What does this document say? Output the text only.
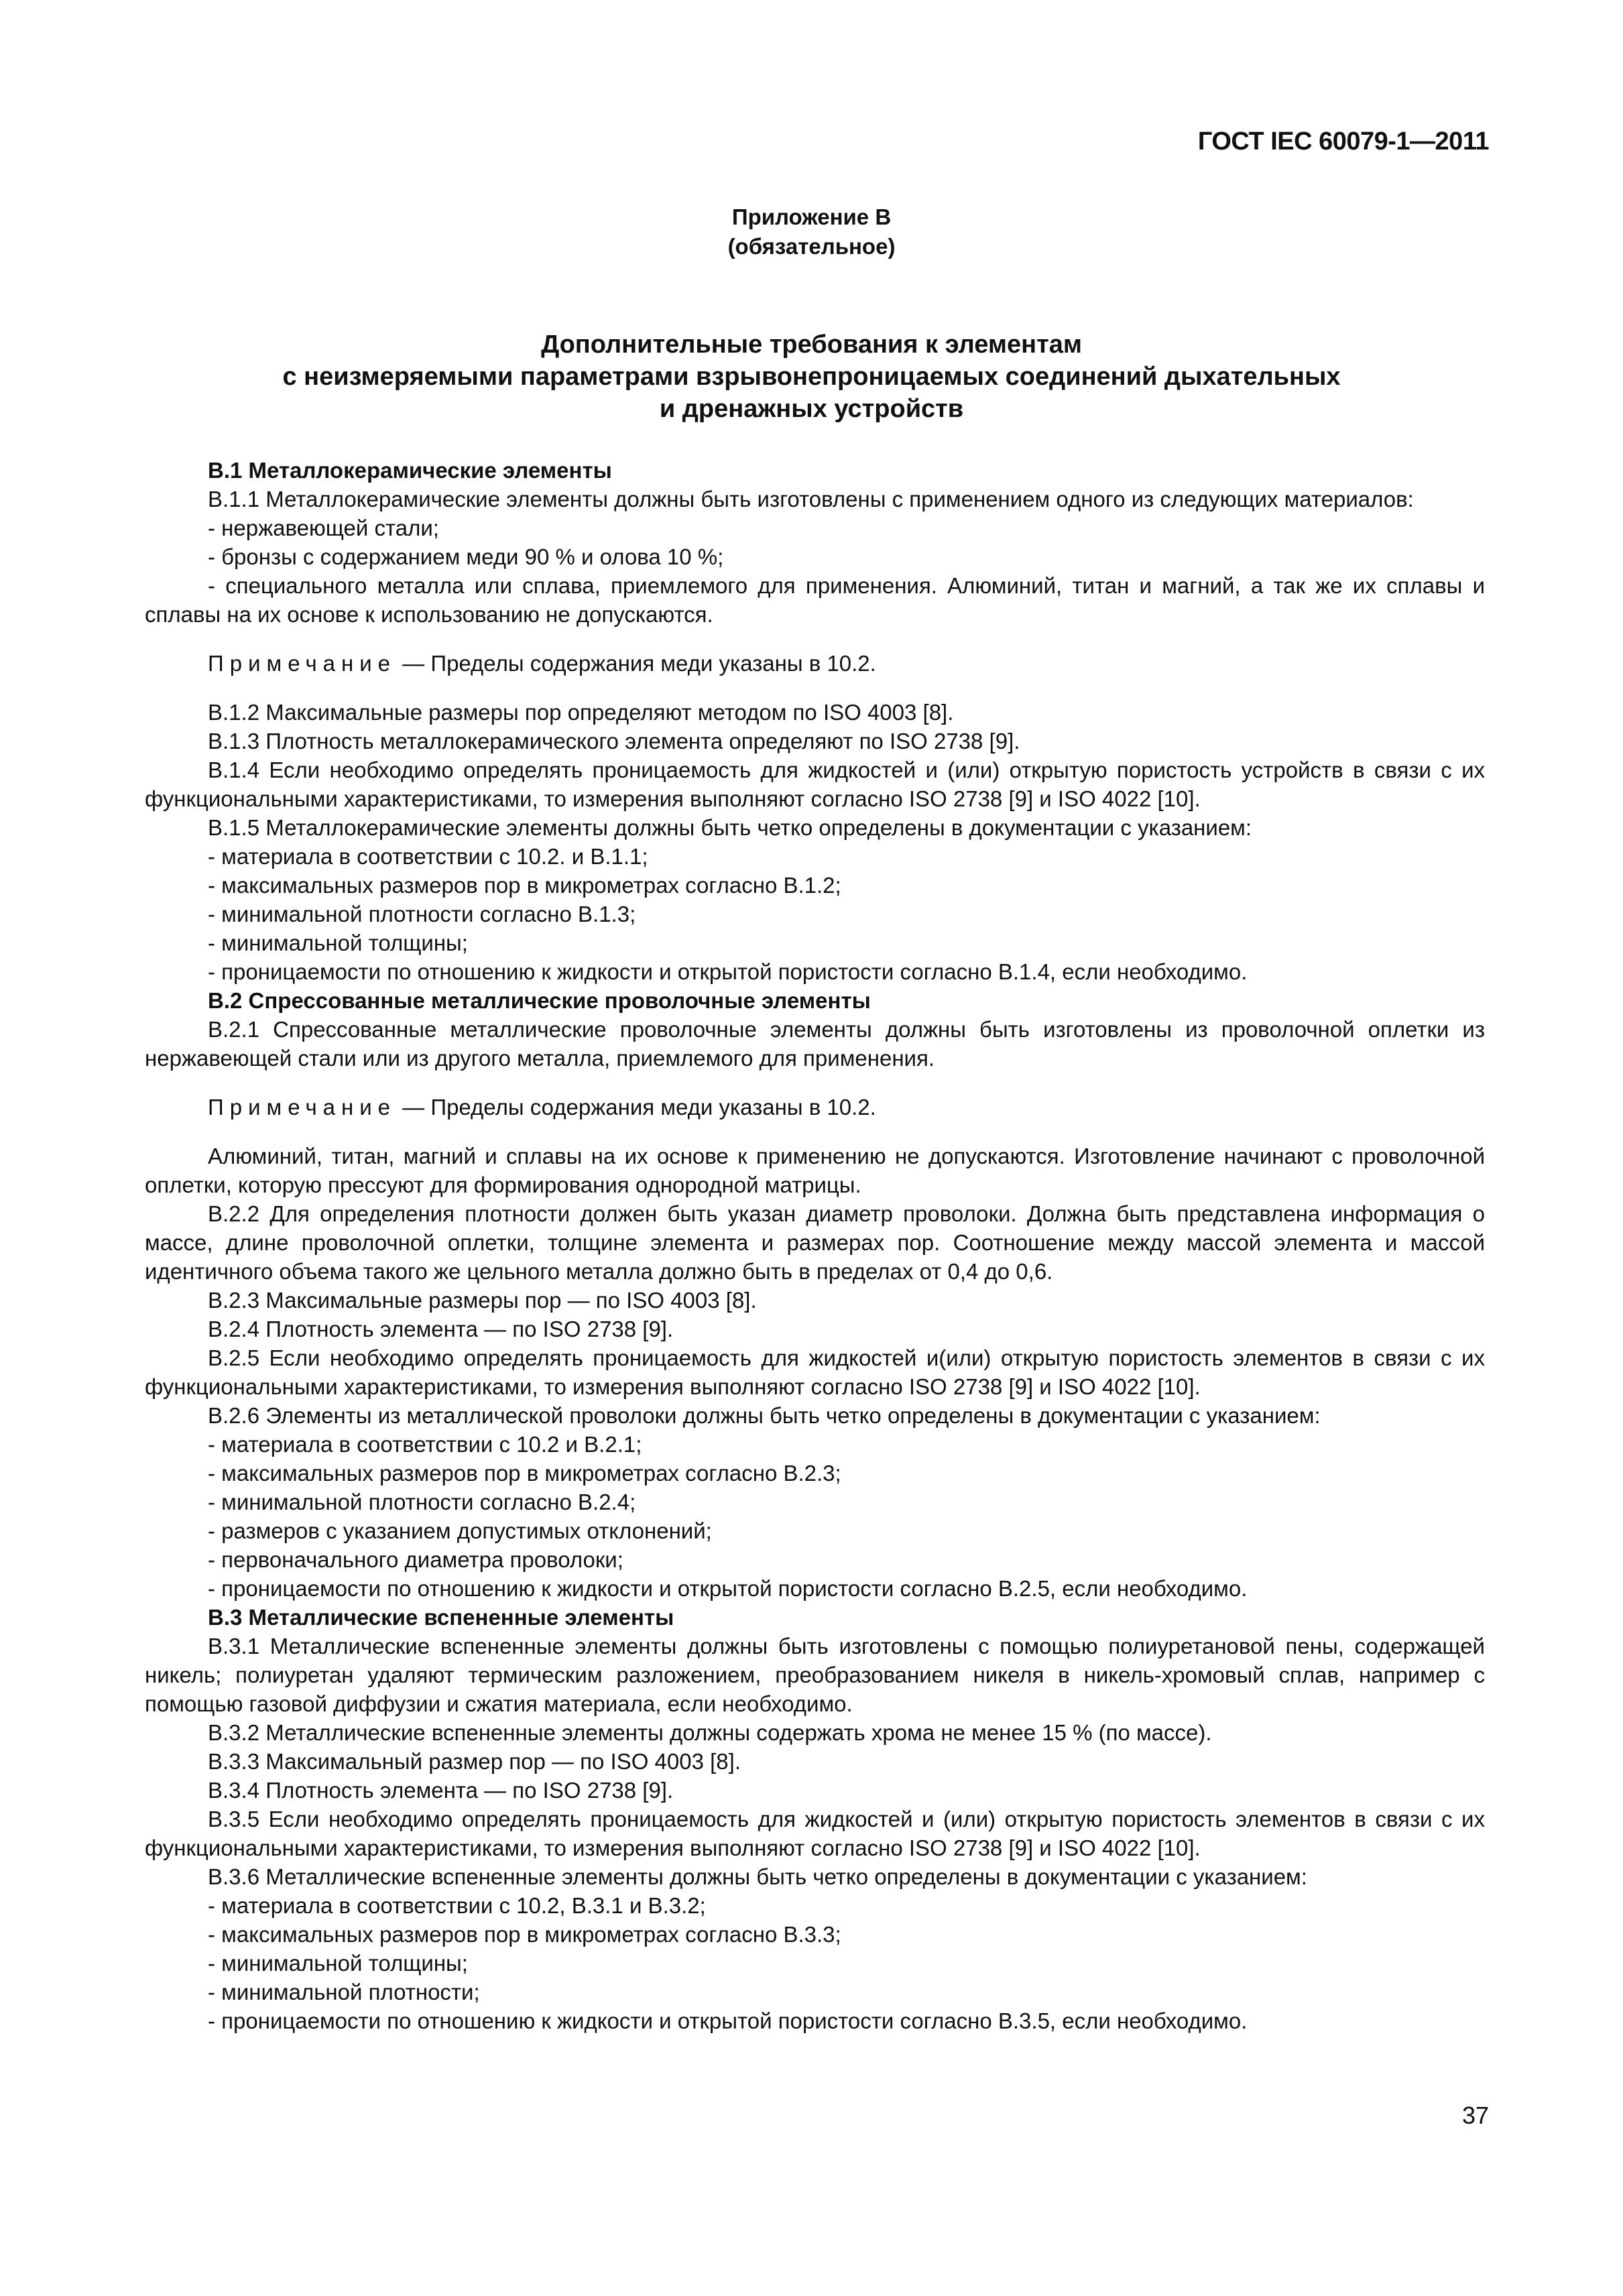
ГОСТ IEC 60079-1—2011
Приложение В
(обязательное)
Дополнительные требования к элементам
с неизмеряемыми параметрами взрывонепроницаемых соединений дыхательных
и дренажных устройств

В.1 Металлокерамические элементы

В.1.1 Металлокерамические элементы должны быть изготовлены с применением одного из следующих материалов:

- нержавеющей стали;

- бронзы с содержанием меди 90 % и олова 10 %;

- специального металла или сплава, приемлемого для применения. Алюминий, титан и магний, а так же их сплавы и сплавы на их основе к использованию не допускаются.

Примечание — Пределы содержания меди указаны в 10.2.

В.1.2 Максимальные размеры пор определяют методом по ISO 4003 [8].

В.1.3 Плотность металлокерамического элемента определяют по ISO 2738 [9].

В.1.4 Если необходимо определять проницаемость для жидкостей и (или) открытую пористость устройств в связи с их функциональными характеристиками, то измерения выполняют согласно ISO 2738 [9] и ISO 4022 [10].

В.1.5 Металлокерамические элементы должны быть четко определены в документации с указанием:

- материала в соответствии с 10.2. и В.1.1;

- максимальных размеров пор в микрометрах согласно В.1.2;

- минимальной плотности согласно В.1.3;

- минимальной толщины;

- проницаемости по отношению к жидкости и открытой пористости согласно В.1.4, если необходимо.

В.2 Спрессованные металлические проволочные элементы

В.2.1 Спрессованные металлические проволочные элементы должны быть изготовлены из проволочной оплетки из нержавеющей стали или из другого металла, приемлемого для применения.

Примечание — Пределы содержания меди указаны в 10.2.

Алюминий, титан, магний и сплавы на их основе к применению не допускаются. Изготовление начинают с проволочной оплетки, которую прессуют для формирования однородной матрицы.

В.2.2 Для определения плотности должен быть указан диаметр проволоки. Должна быть представлена информация о массе, длине проволочной оплетки, толщине элемента и размерах пор. Соотношение между массой элемента и массой идентичного объема такого же цельного металла должно быть в пределах от 0,4 до 0,6.

В.2.3 Максимальные размеры пор — по ISO 4003 [8].

В.2.4 Плотность элемента — по ISO 2738 [9].

В.2.5 Если необходимо определять проницаемость для жидкостей и(или) открытую пористость элементов в связи с их функциональными характеристиками, то измерения выполняют согласно ISO 2738 [9] и ISO 4022 [10].

В.2.6 Элементы из металлической проволоки должны быть четко определены в документации с указанием:

- материала в соответствии с 10.2 и В.2.1;

- максимальных размеров пор в микрометрах согласно В.2.3;

- минимальной плотности согласно В.2.4;

- размеров с указанием допустимых отклонений;

- первоначального диаметра проволоки;

- проницаемости по отношению к жидкости и открытой пористости согласно В.2.5, если необходимо.

В.3 Металлические вспененные элементы

В.3.1 Металлические вспененные элементы должны быть изготовлены с помощью полиуретановой пены, содержащей никель; полиуретан удаляют термическим разложением, преобразованием никеля в никель-хромовый сплав, например с помощью газовой диффузии и сжатия материала, если необходимо.

В.3.2 Металлические вспененные элементы должны содержать хрома не менее 15 % (по массе).

В.3.3 Максимальный размер пор — по ISO 4003 [8].

В.3.4 Плотность элемента — по ISO 2738 [9].

В.3.5 Если необходимо определять проницаемость для жидкостей и (или) открытую пористость элементов в связи с их функциональными характеристиками, то измерения выполняют согласно ISO 2738 [9] и ISO 4022 [10].

В.3.6 Металлические вспененные элементы должны быть четко определены в документации с указанием:

- материала в соответствии с 10.2, В.3.1 и В.3.2;

- максимальных размеров пор в микрометрах согласно В.3.3;

- минимальной толщины;

- минимальной плотности;

- проницаемости по отношению к жидкости и открытой пористости согласно В.3.5, если необходимо.

37
